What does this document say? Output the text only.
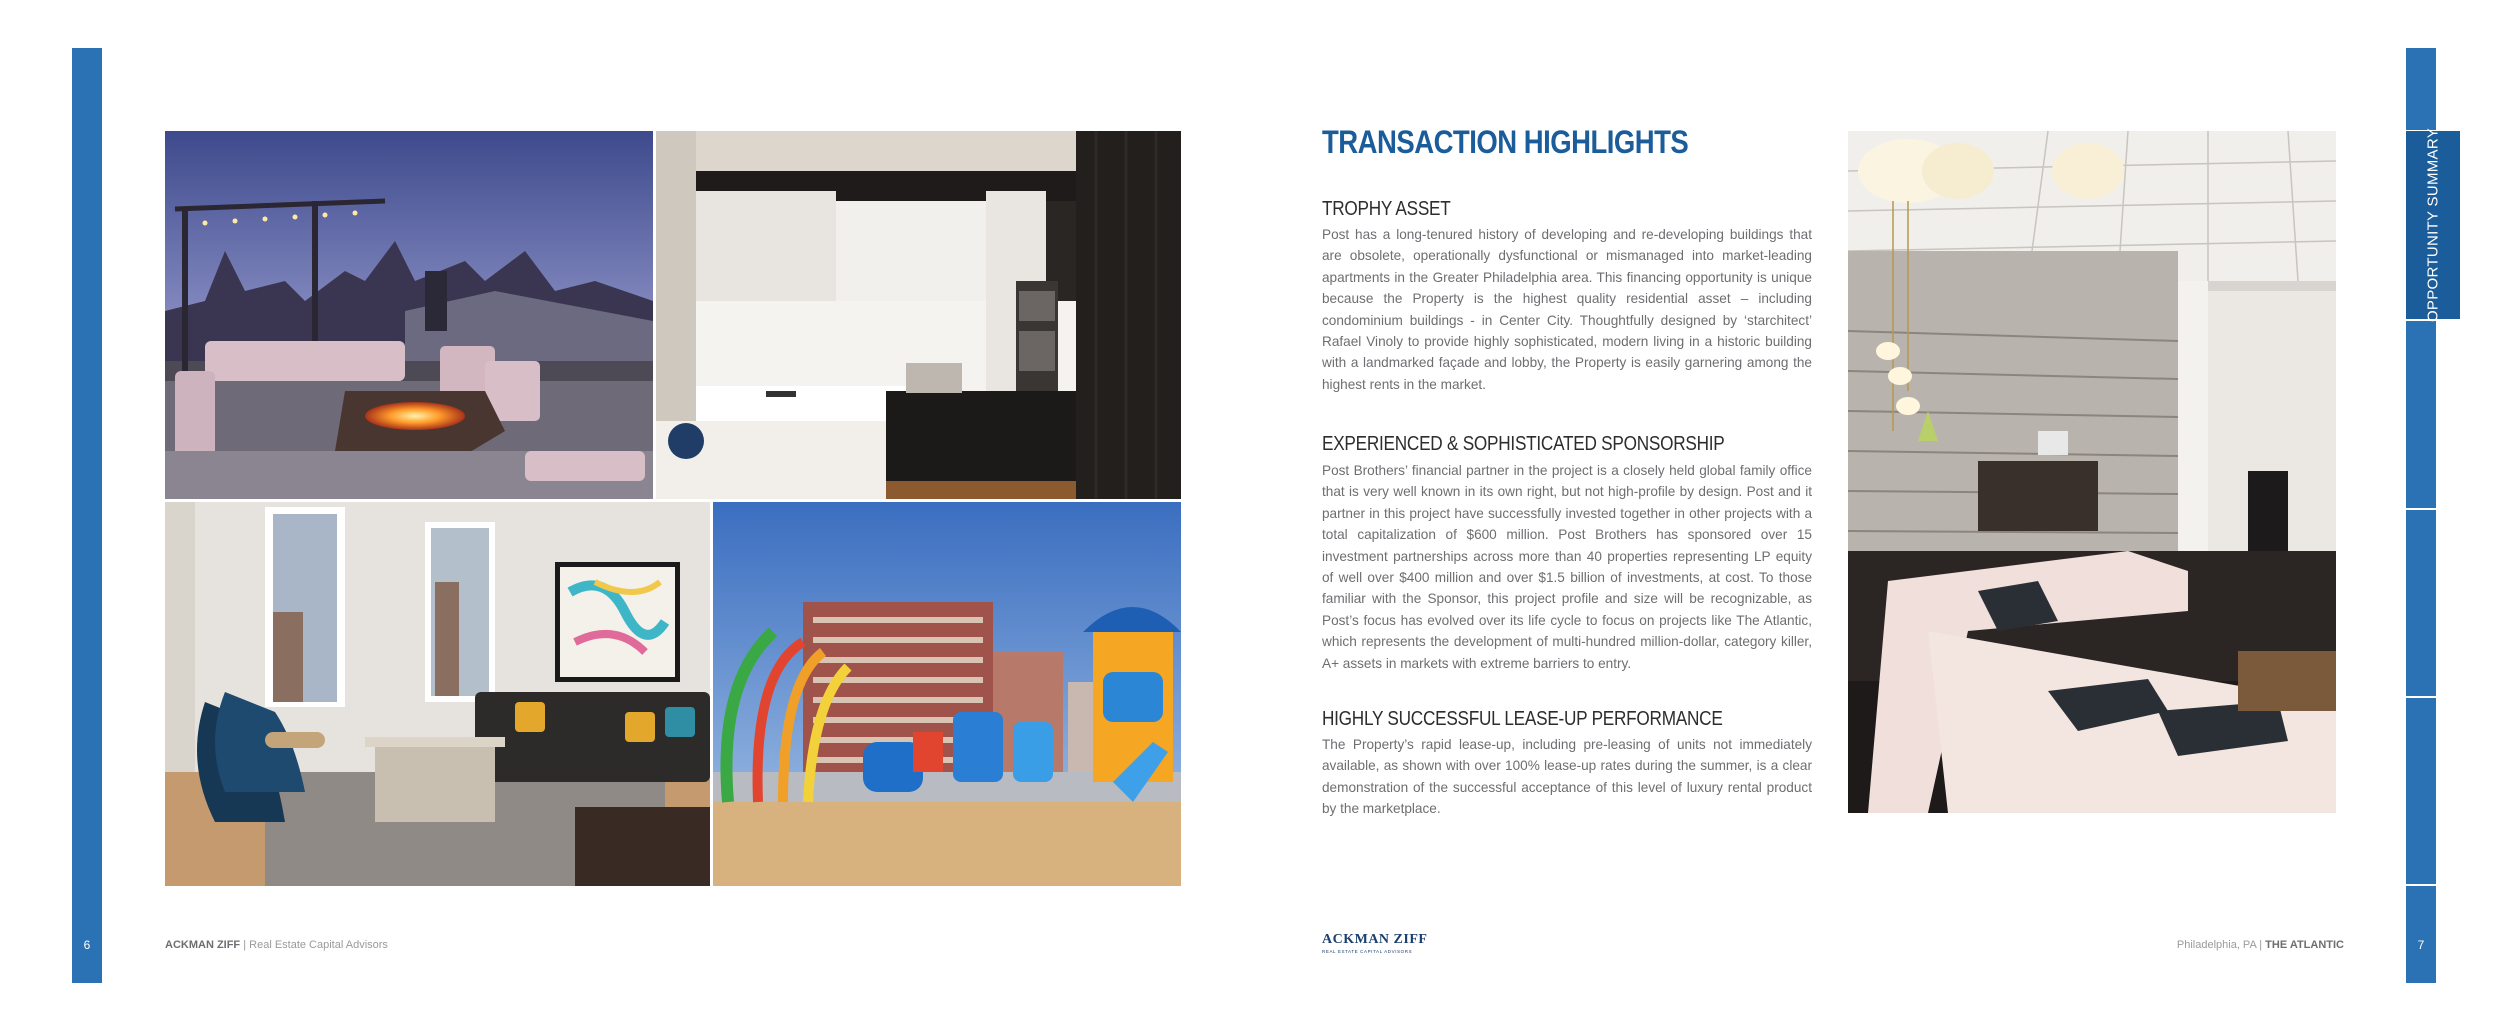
6
OPPORTUNITY SUMMARY
7
TRANSACTION HIGHLIGHTS
TROPHY ASSET

Post has a long-tenured history of developing and re-developing buildings that are obsolete, operationally dysfunctional or mismanaged into market-leading apartments in the Greater Philadelphia area. This financing opportunity is unique because the Property is the highest quality residential asset – including condominium buildings - in Center City. Thoughtfully designed by ‘starchitect’ Rafael Vinoly to provide highly sophisticated, modern living in a historic building with a landmarked façade and lobby, the Property is easily garnering among the highest rents in the market.

EXPERIENCED & SOPHISTICATED SPONSORSHIP

Post Brothers’ financial partner in the project is a closely held global family office that is very well known in its own right, but not high-profile by design. Post and it partner in this project have successfully invested together in other projects with a total capitalization of $600 million. Post Brothers has sponsored over 15 investment partnerships across more than 40 properties representing LP equity of well over $400 million and over $1.5 billion of investments, at cost. To those familiar with the Sponsor, this project profile and size will be recognizable, as Post’s focus has evolved over its life cycle to focus on projects like The Atlantic, which represents the development of multi-hundred million-dollar, category killer, A+ assets in markets with extreme barriers to entry.

HIGHLY SUCCESSFUL LEASE-UP PERFORMANCE

The Property’s rapid lease-up, including pre-leasing of units not immediately available, as shown with over 100% lease-up rates during the summer, is a clear demonstration of the successful acceptance of this level of luxury rental product by the marketplace.

ACKMAN ZIFF | Real Estate Capital Advisors	ACKMAN ZIFF
REAL ESTATE CAPITAL ADVISORS
Philadelphia, PA | THE ATLANTIC
